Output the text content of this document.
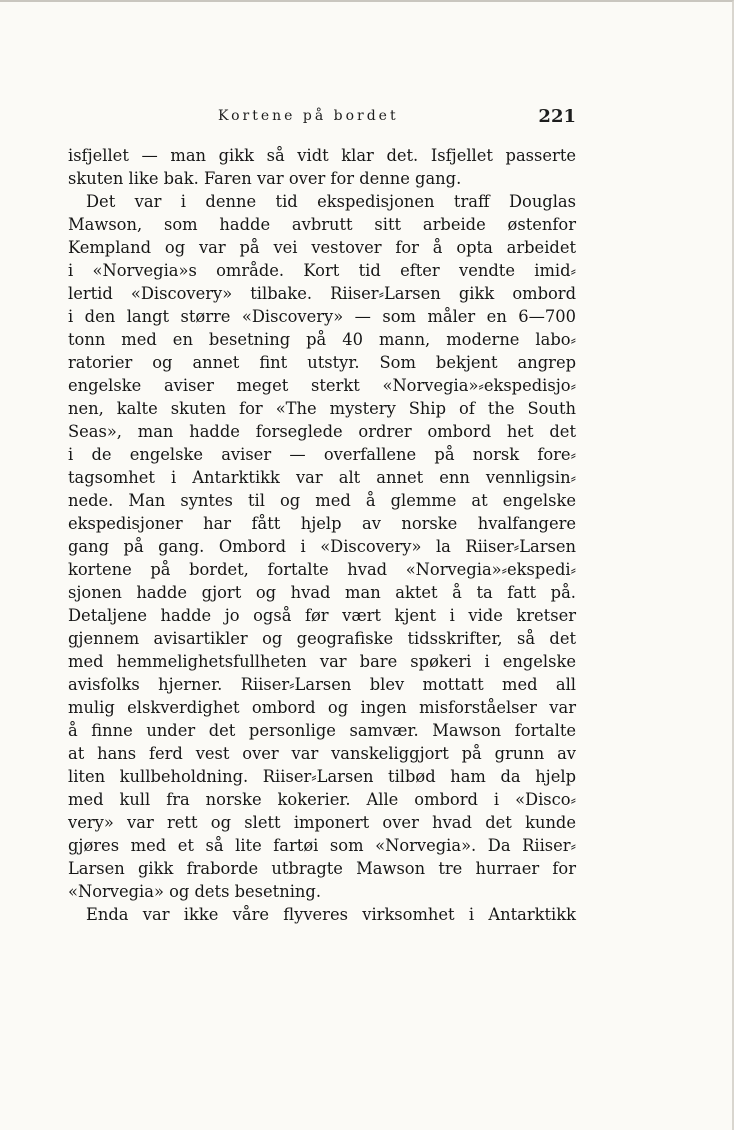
Kortene på bordet	221
isfjellet — man gikk så vidt klar det. Isfjellet passerte
skuten like bak. Faren var over for denne gang.
Det var i denne tid ekspedisjonen traff Douglas
Mawson, som hadde avbrutt sitt arbeide østenfor
Kempland og var på vei vestover for å opta arbeidet
i «Norvegia»s område. Kort tid efter vendte imid⸗
lertid «Discovery» tilbake. Riiser⸗Larsen gikk ombord
i den langt større «Discovery» — som måler en 6—700
tonn med en besetning på 40 mann, moderne labo⸗
ratorier og annet fint utstyr. Som bekjent angrep
engelske aviser meget sterkt «Norvegia»⸗ekspedisjo⸗
nen, kalte skuten for «The mystery Ship of the South
Seas», man hadde forseglede ordrer ombord het det
i de engelske aviser — overfallene på norsk fore⸗
tagsomhet i Antarktikk var alt annet enn vennligsin⸗
nede. Man syntes til og med å glemme at engelske
ekspedisjoner har fått hjelp av norske hvalfangere
gang på gang. Ombord i «Discovery» la Riiser⸗Larsen
kortene på bordet, fortalte hvad «Norvegia»⸗ekspedi⸗
sjonen hadde gjort og hvad man aktet å ta fatt på.
Detaljene hadde jo også før vært kjent i vide kretser
gjennem avisartikler og geografiske tidsskrifter, så det
med hemmelighetsfullheten var bare spøkeri i engelske
avisfolks hjerner. Riiser⸗Larsen blev mottatt med all
mulig elskverdighet ombord og ingen misforståelser var
å finne under det personlige samvær. Mawson fortalte
at hans ferd vest over var vanskeliggjort på grunn av
liten kullbeholdning. Riiser⸗Larsen tilbød ham da hjelp
med kull fra norske kokerier. Alle ombord i «Disco⸗
very» var rett og slett imponert over hvad det kunde
gjøres med et så lite fartøi som «Norvegia». Da Riiser⸗
Larsen gikk fraborde utbragte Mawson tre hurraer for
«Norvegia» og dets besetning.
Enda var ikke våre flyveres virksomhet i Antarktikk
